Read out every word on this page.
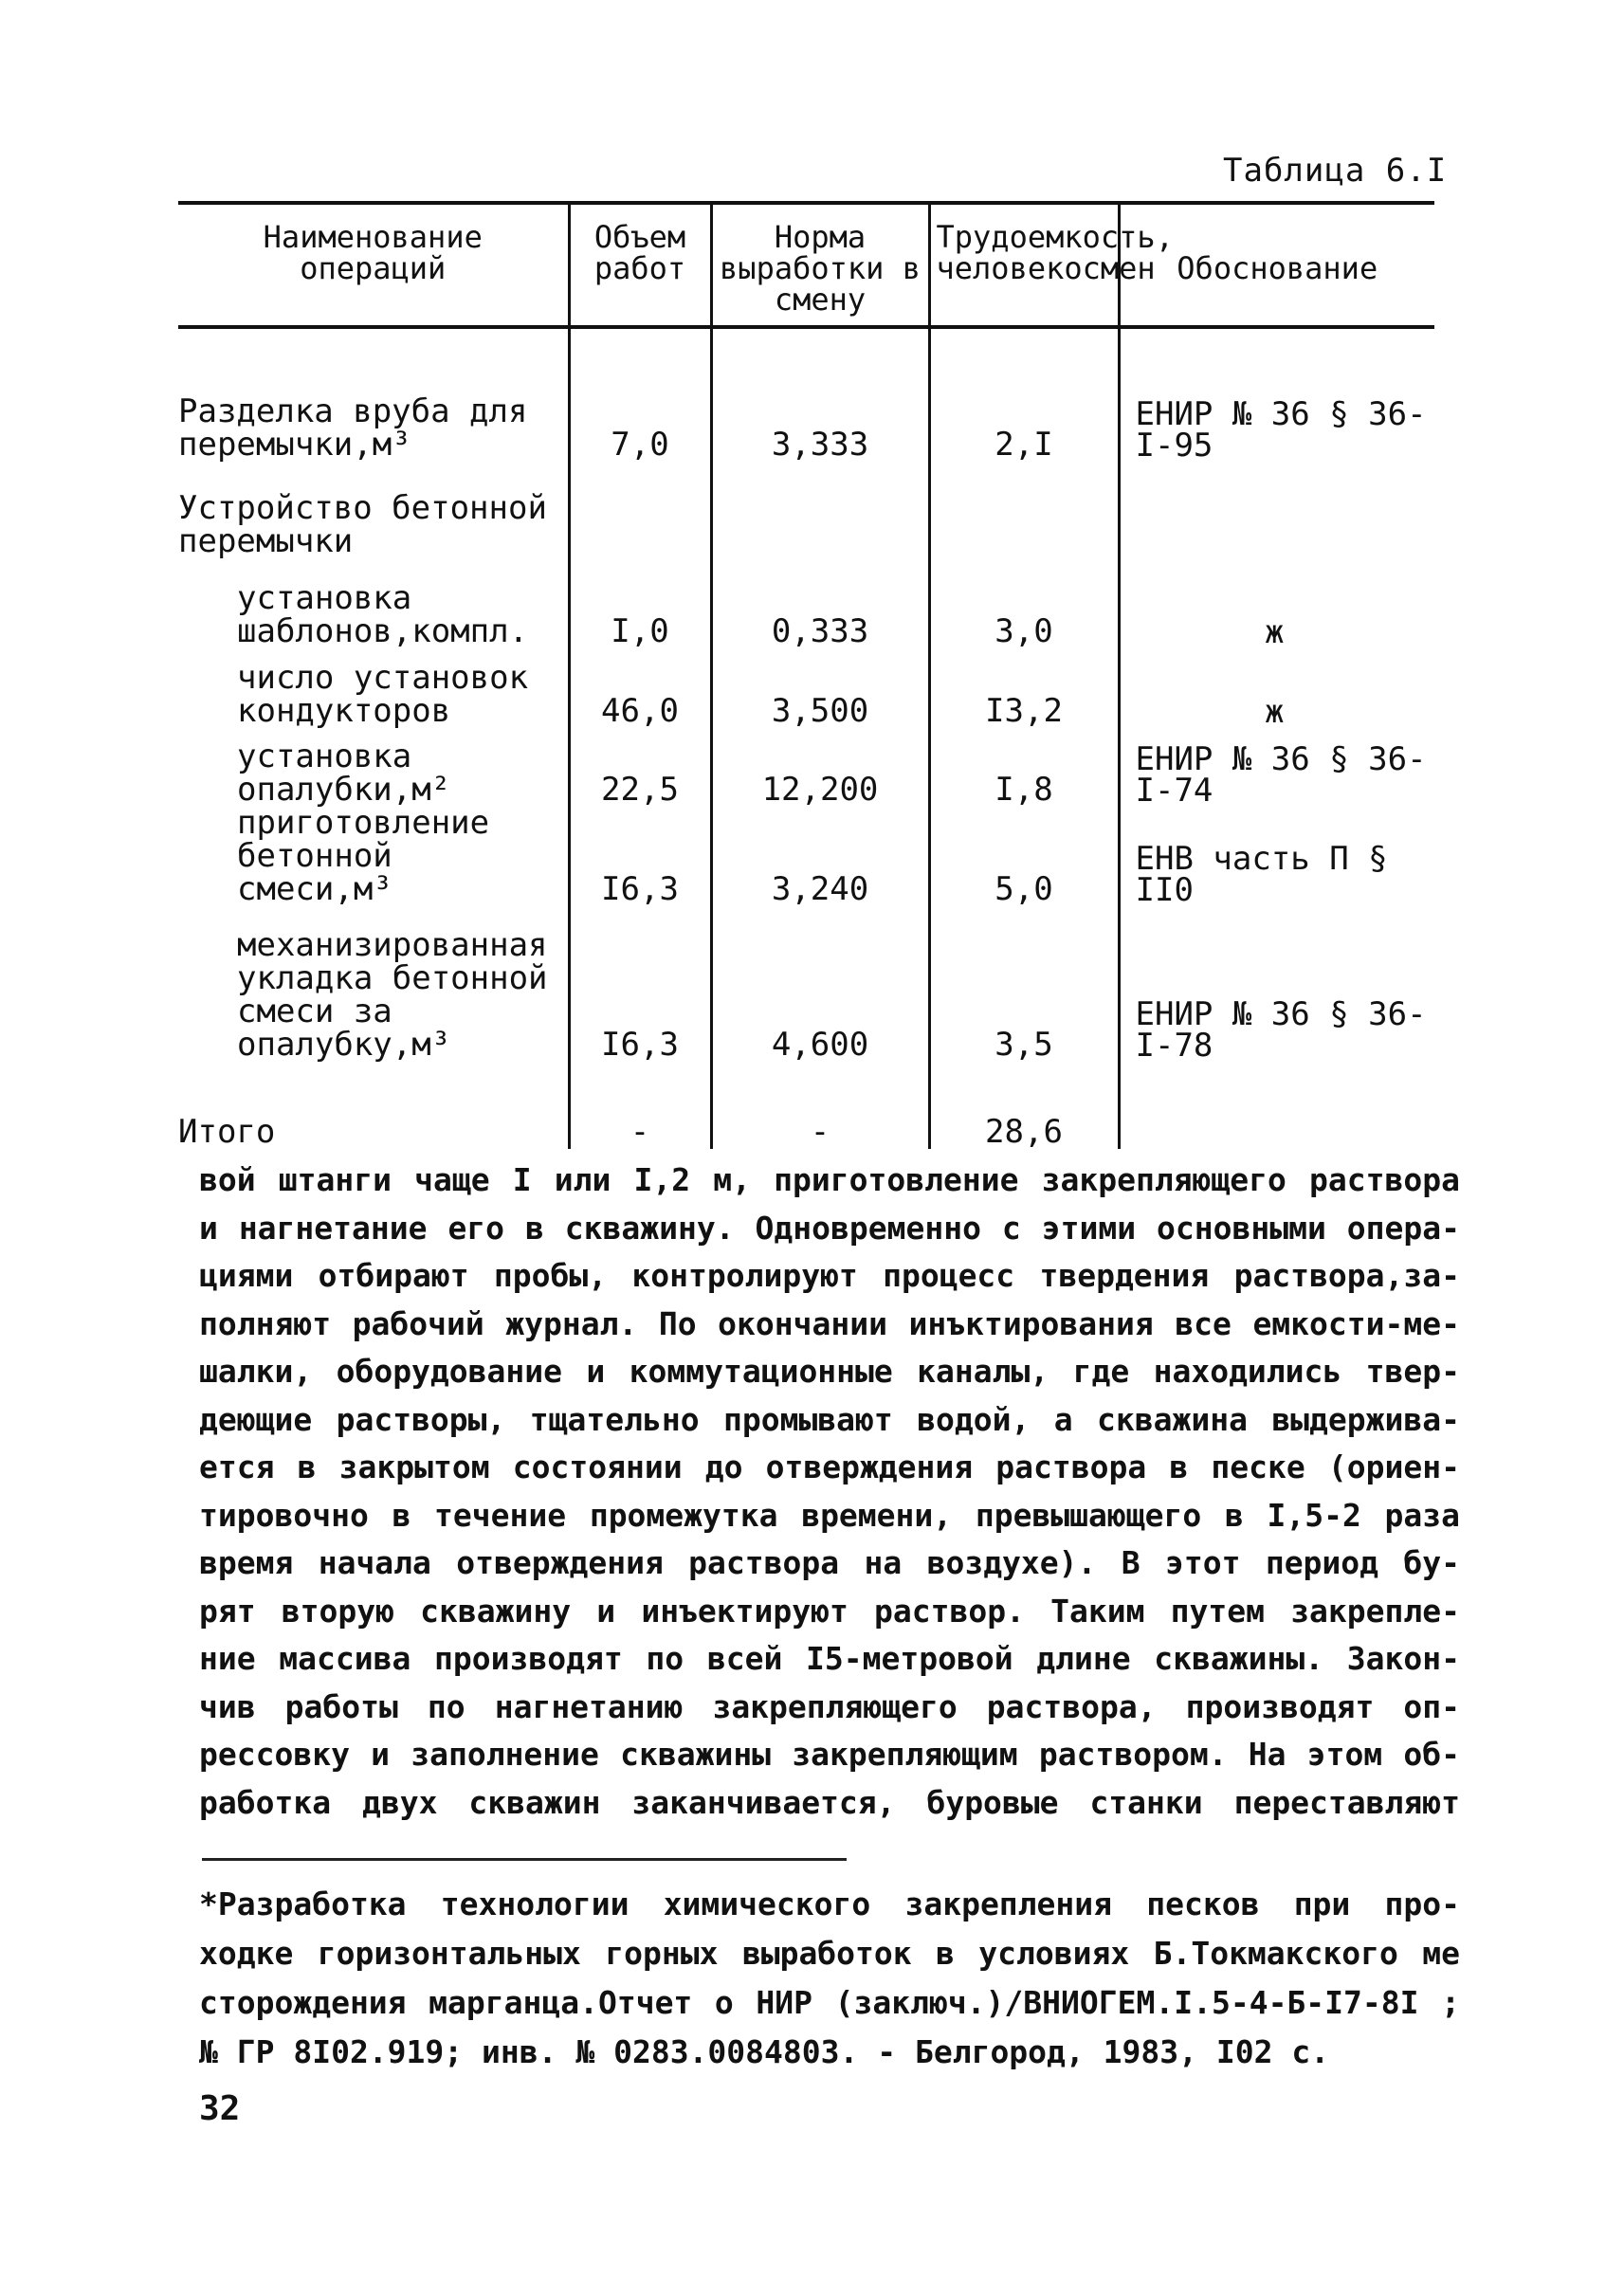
Таблица 6.I
Наименование операций	Объем работ	Норма выработки в смену	Трудоемкость, человекосмен	Обоснование
Разделка вруба для перемычки,м³	7,0	3,333	2,I	ЕНИР № 36 § 36-I-95
Устройство бетонной перемычки				

установка шаблонов,компл.	I,0	0,333	3,0	ж

число установок кондукторов	46,0	3,500	I3,2	ж

установка опалубки,м²	22,5	12,200	I,8	ЕНИР № 36 § 36-I-74

приготовление бетонной смеси,м³	I6,3	3,240	5,0	ЕНВ часть П § II0

механизированная укладка бетонной смеси за опалубку,м³	I6,3	4,600	3,5	ЕНИР № 36 § 36-I-78
Итого	-	-	28,6	
вой штанги чаще I или I,2 м, приготовление закрепляющего раствора
и нагнетание его в скважину. Одновременно с этими основными опера-
циями отбирают пробы, контролируют процесс твердения раствора,за-
полняют рабочий журнал. По окончании инъктирования все емкости-ме-
шалки, оборудование и коммутационные каналы, где находились твер-
деющие растворы, тщательно промывают водой, а скважина выдержива-
ется в закрытом состоянии до отверждения раствора в песке (ориен-
тировочно в течение промежутка времени, превышающего в I,5-2 раза
время начала отверждения раствора на воздухе). В этот период бу-
рят вторую скважину и инъектируют раствор. Таким путем закрепле-
ние массива производят по всей I5-метровой длине скважины. Закон-
чив работы по нагнетанию закрепляющего раствора, производят оп-
рессовку и заполнение скважины закрепляющим раствором. На этом об-
работка двух скважин заканчивается, буровые станки переставляют
*Разработка технологии химического закрепления песков при про-
ходке горизонтальных горных выработок в условиях Б.Токмакского ме
сторождения марганца.Отчет о НИР (заключ.)/ВНИОГЕМ.I.5-4-Б-I7-8I ;
№ ГР 8I02.919; инв. № 0283.0084803. - Белгород, 1983, I02 с.
32
